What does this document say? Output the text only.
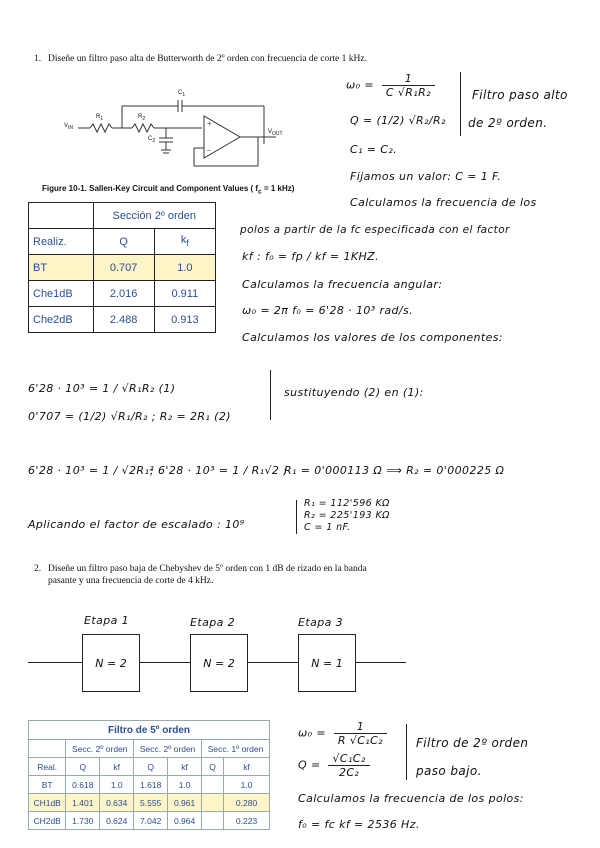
1. Diseñe un filtro paso alta de Butterworth de 2º orden con frecuencia de corte 1 kHz.
$V_{IN}$
$R_1$	$R_2$
$C_1$
$C_2$
+
–
$V_{OUT}$
Figure 10-1. Sallen-Key Circuit and Component Values ( $f_c = 1$ kHz)
	Sección 2º orden	
Realiz.	Q	$k_f$
BT	0.707	1.0
Che1dB	2.016	0.911
Che2dB	2.488	0.913
$\omega_0 = \frac{1}{\text{C √R₁R₂}}$
Q = (1/2) √R₂/R₂
Filtro paso alto
de 2º orden.
C₁ = C₂.
Fijamos un valor: C = 1 F.
Calculamos la frecuencia de los
polos a partir de la fc especificada con el factor
kf : f₀ = fp / kf = 1KHZ.
Calculamos la frecuencia angular:
ω₀ = 2π f₀ = 6'28 · 10³ rad/s.
Calculamos los valores de los componentes:
6'28 · 10³ = 1 / √R₁R₂ (1)
0'707 = (1/2) √R₁/R₂ ; R₂ = 2R₁ (2)
sustituyendo (2) en (1):
6'28 · 10³ = 1 / √2R₁²
; 6'28 · 10³ = 1 / R₁√2 ;
R₁ = 0'000113 Ω ⟹ R₂ = 0'000225 Ω
Aplicando el factor de escalado : 10⁹
R₁ = 112'596 KΩ
R₂ = 225'193 KΩ
C = 1 nF.
2. Diseñe un filtro paso baja de Chebyshev de 5º orden con 1 dB de rizado en la banda
pasante y una frecuencia de corte de 4 kHz.
Etapa 1	Etapa 2	Etapa 3
N = 2	N = 2	N = 1
Filtro de 5º orden						
	Secc. 2º orden		Secc. 2º orden		Secc. 1º orden	
Real.	Q	kf	Q	kf	Q	kf
BT	0.618	1.0	1.618	1.0		1.0
CH1dB	1.401	0.634	5.555	0.961		0.280
CH2dB	1.730	0.624	7.042	0.964		0.223
$\omega_0 = \frac{1}{\text{R √C₁C₂}}$
$Q = \frac{\text{√C₁C₂}}{\text{2C₂}}$
Filtro de 2º orden
paso bajo.
Calculamos la frecuencia de los polos:
f₀ = fc kf = 2536 Hz.
